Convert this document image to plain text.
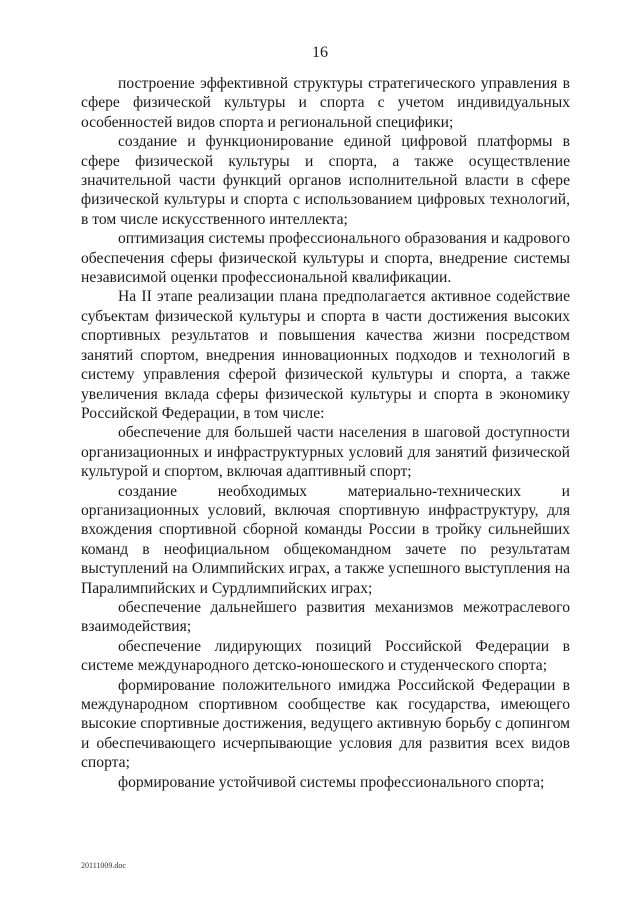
16

построение эффективной структуры стратегического управления в сфере физической культуры и спорта с учетом индивидуальных особенностей видов спорта и региональной специфики;

создание и функционирование единой цифровой платформы в сфере физической культуры и спорта, а также осуществление значительной части функций органов исполнительной власти в сфере физической культуры и спорта с использованием цифровых технологий, в том числе искусственного интеллекта;

оптимизация системы профессионального образования и кадрового обеспечения сферы физической культуры и спорта, внедрение системы независимой оценки профессиональной квалификации.

На II этапе реализации плана предполагается активное содействие субъектам физической культуры и спорта в части достижения высоких спортивных результатов и повышения качества жизни посредством занятий спортом, внедрения инновационных подходов и технологий в систему управления сферой физической культуры и спорта, а также увеличения вклада сферы физической культуры и спорта в экономику Российской Федерации, в том числе:

обеспечение для большей части населения в шаговой доступности организационных и инфраструктурных условий для занятий физической культурой и спортом, включая адаптивный спорт;

создание необходимых материально-технических и организационных условий, включая спортивную инфраструктуру, для вхождения спортивной сборной команды России в тройку сильнейших команд в неофициальном общекомандном зачете по результатам выступлений на Олимпийских играх, а также успешного выступления на Паралимпийских и Сурдлимпийских играх;

обеспечение дальнейшего развития механизмов межотраслевого взаимодействия;

обеспечение лидирующих позиций Российской Федерации в системе международного детско-юношеского и студенческого спорта;

формирование положительного имиджа Российской Федерации в международном спортивном сообществе как государства, имеющего высокие спортивные достижения, ведущего активную борьбу с допингом и обеспечивающего исчерпывающие условия для развития всех видов спорта;

формирование устойчивой системы профессионального спорта;

20111009.doc
